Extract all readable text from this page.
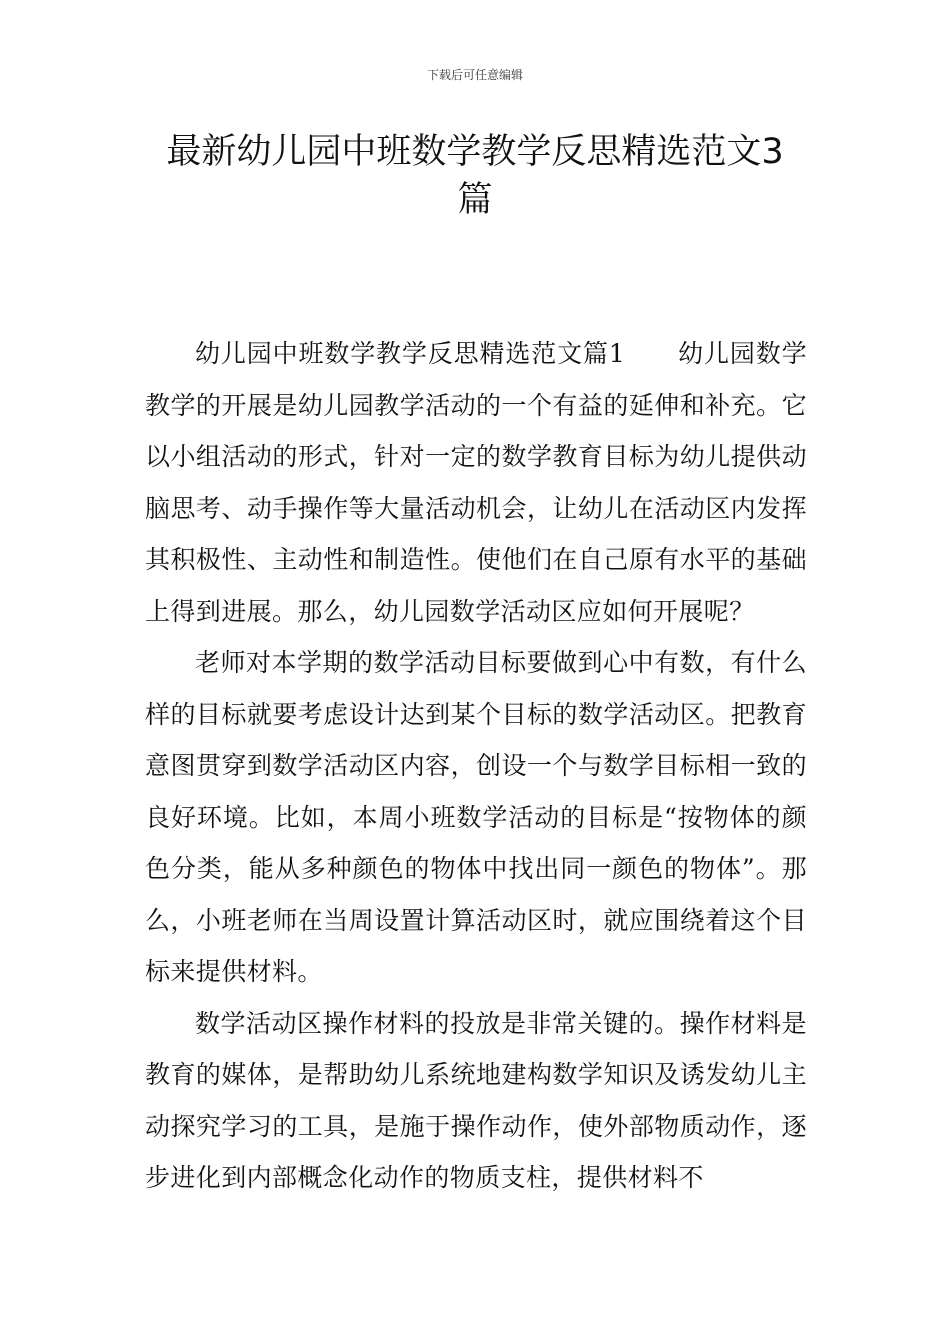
下载后可任意编辑
最新幼儿园中班数学教学反思精选范文3篇

幼儿园中班数学教学反思精选范文篇1 幼儿园数学教学的开展是幼儿园教学活动的一个有益的延伸和补充。它以小组活动的形式，针对一定的数学教育目标为幼儿提供动脑思考、动手操作等大量活动机会，让幼儿在活动区内发挥其积极性、主动性和制造性。使他们在自己原有水平的基础上得到进展。那么，幼儿园数学活动区应如何开展呢？

老师对本学期的数学活动目标要做到心中有数，有什么样的目标就要考虑设计达到某个目标的数学活动区。把教育意图贯穿到数学活动区内容，创设一个与数学目标相一致的良好环境。比如，本周小班数学活动的目标是“按物体的颜色分类，能从多种颜色的物体中找出同一颜色的物体”。那么，小班老师在当周设置计算活动区时，就应围绕着这个目标来提供材料。

数学活动区操作材料的投放是非常关键的。操作材料是教育的媒体，是帮助幼儿系统地建构数学知识及诱发幼儿主动探究学习的工具，是施于操作动作，使外部物质动作，逐步进化到内部概念化动作的物质支柱，提供材料不
